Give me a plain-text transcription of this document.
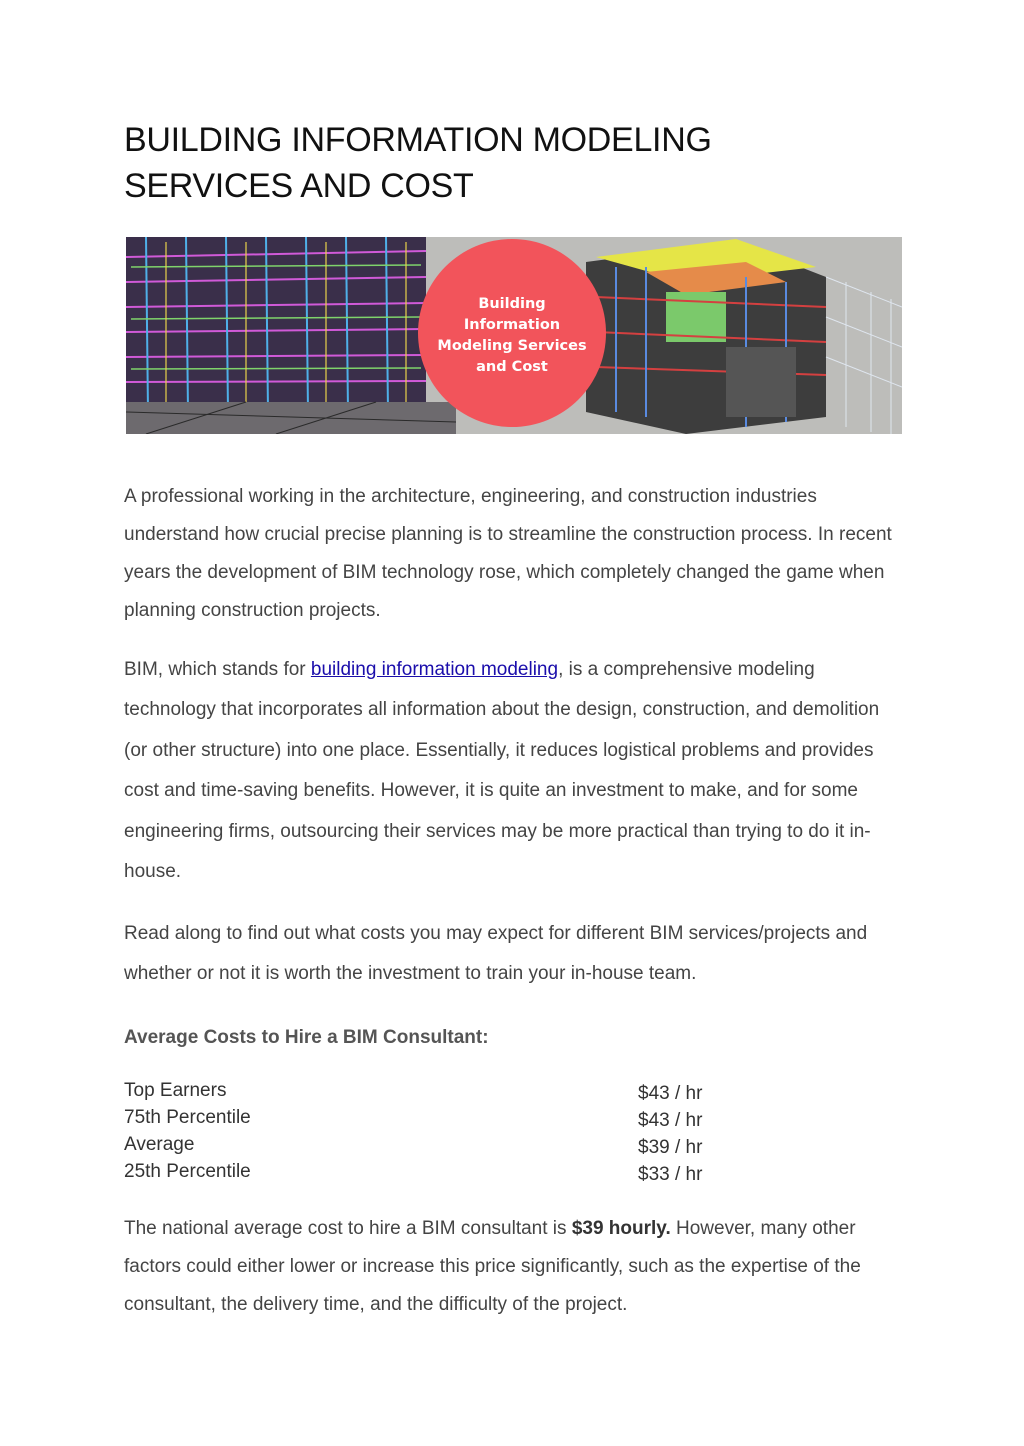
BUILDING INFORMATION MODELING SERVICES AND COST
Building Information Modeling Services and Cost

A professional working in the architecture, engineering, and construction industries understand how crucial precise planning is to streamline the construction process. In recent years the development of BIM technology rose, which completely changed the game when planning construction projects.

BIM, which stands for building information modeling, is a comprehensive modeling technology that incorporates all information about the design, construction, and demolition (or other structure) into one place. Essentially, it reduces logistical problems and provides cost and time-saving benefits. However, it is quite an investment to make, and for some engineering firms, outsourcing their services may be more practical than trying to do it in-house.

Read along to find out what costs you may expect for different BIM services/projects and whether or not it is worth the investment to train your in-house team.

Average Costs to Hire a BIM Consultant:
Top Earners	$43 / hr
75th Percentile	$43 / hr
Average	$39 / hr
25th Percentile	$33 / hr

The national average cost to hire a BIM consultant is $39 hourly. However, many other factors could either lower or increase this price significantly, such as the expertise of the consultant, the delivery time, and the difficulty of the project.
